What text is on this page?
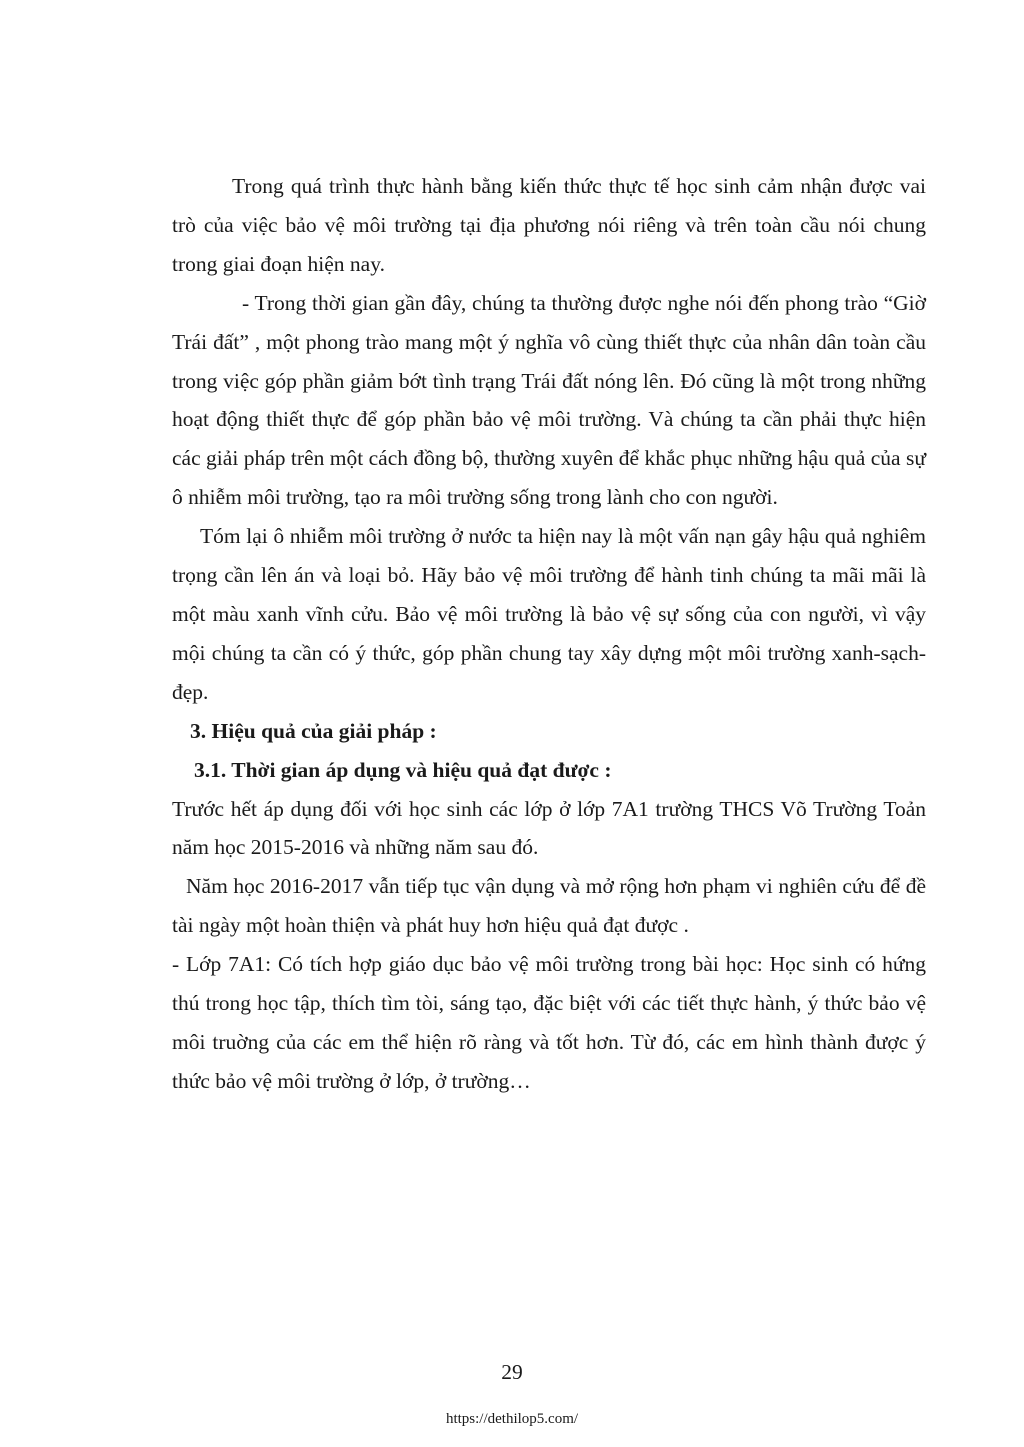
Trong quá trình thực hành bằng kiến thức thực tế học sinh cảm nhận được vai trò của việc bảo vệ môi trường tại địa phương nói riêng và trên toàn cầu nói chung trong giai đoạn hiện nay.

- Trong thời gian gần đây, chúng ta thường được nghe nói đến phong trào “Giờ Trái đất” , một phong trào mang một ý nghĩa vô cùng thiết thực của nhân dân toàn cầu trong việc góp phần giảm bớt tình trạng Trái đất nóng lên. Đó cũng là một trong những hoạt động thiết thực để góp phần bảo vệ môi trường. Và chúng ta cần phải thực hiện các giải pháp trên một cách đồng bộ, thường xuyên để khắc phục những hậu quả của sự ô nhiễm môi trường, tạo ra môi trường sống trong lành cho con người.

Tóm lại ô nhiễm môi trường ở nước ta hiện nay là một vấn nạn gây hậu quả nghiêm trọng cần lên án và loại bỏ. Hãy bảo vệ môi trường để hành tinh chúng ta mãi mãi là một màu xanh vĩnh cửu. Bảo vệ môi trường là bảo vệ sự sống của con người, vì vậy mội chúng ta cần có ý thức, góp phần chung tay xây dựng một môi trường xanh-sạch-đẹp.

3. Hiệu quả của giải pháp :

3.1. Thời gian áp dụng và hiệu quả đạt được :

Trước hết áp dụng đối với học sinh các lớp ở lớp 7A1 trường THCS Võ Trường Toản năm học 2015-2016 và những năm sau đó.

Năm học 2016-2017 vẫn tiếp tục vận dụng và mở rộng hơn phạm vi nghiên cứu để đề tài ngày một hoàn thiện và phát huy hơn hiệu quả đạt được .

- Lớp 7A1: Có tích hợp giáo dục bảo vệ môi trường trong bài học: Học sinh có hứng thú trong học tập, thích tìm tòi, sáng tạo, đặc biệt với các tiết thực hành, ý thức bảo vệ môi truờng của các em thể hiện rõ ràng và tốt hơn. Từ đó, các em hình thành được ý thức bảo vệ môi trường ở lớp, ở trường…

29
https://dethilop5.com/
